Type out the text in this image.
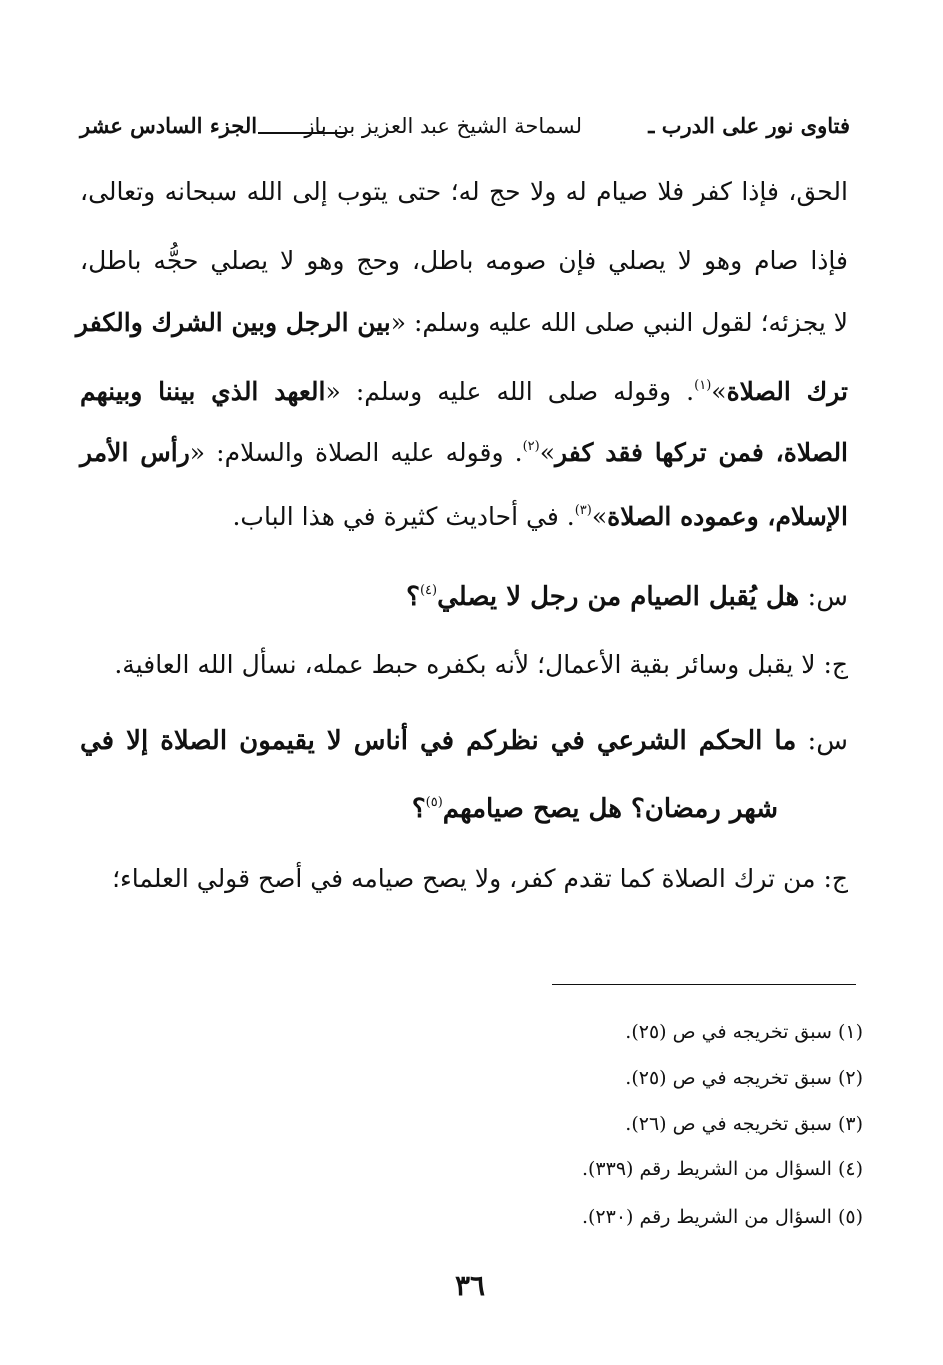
فتاوى نور على الدرب ـ
لسماحة الشيخ عبد العزيز بن باز
الجزء السادس عشر
الحق، فإذا كفر فلا صيام له ولا حج له؛ حتى يتوب إلى الله سبحانه وتعالى،
فإذا صام وهو لا يصلي فإن صومه باطل، وحج وهو لا يصلي حجُّه باطل،
لا يجزئه؛ لقول النبي صلى الله عليه وسلم: «بين الرجل وبين الشرك والكفر
ترك الصلاة»$^{(١)}$. وقوله صلى الله عليه وسلم: «العهد الذي بيننا وبينهم
الصلاة، فمن تركها فقد كفر»$^{(٢)}$. وقوله عليه الصلاة والسلام: «رأس الأمر
الإسلام، وعموده الصلاة»$^{(٣)}$. في أحاديث كثيرة في هذا الباب.
س: هل يُقبل الصيام من رجل لا يصلي$^{(٤)}$؟
ج: لا يقبل وسائر بقية الأعمال؛ لأنه بكفره حبط عمله، نسأل الله العافية.
س: ما الحكم الشرعي في نظركم في أناس لا يقيمون الصلاة إلا في
شهر رمضان؟ هل يصح صيامهم$^{(٥)}$؟
ج: من ترك الصلاة كما تقدم كفر، ولا يصح صيامه في أصح قولي العلماء؛
(١) سبق تخريجه في ص (٢٥).
(٢) سبق تخريجه في ص (٢٥).
(٣) سبق تخريجه في ص (٢٦).
(٤) السؤال من الشريط رقم (٣٣٩).
(٥) السؤال من الشريط رقم (٢٣٠).
٣٦
